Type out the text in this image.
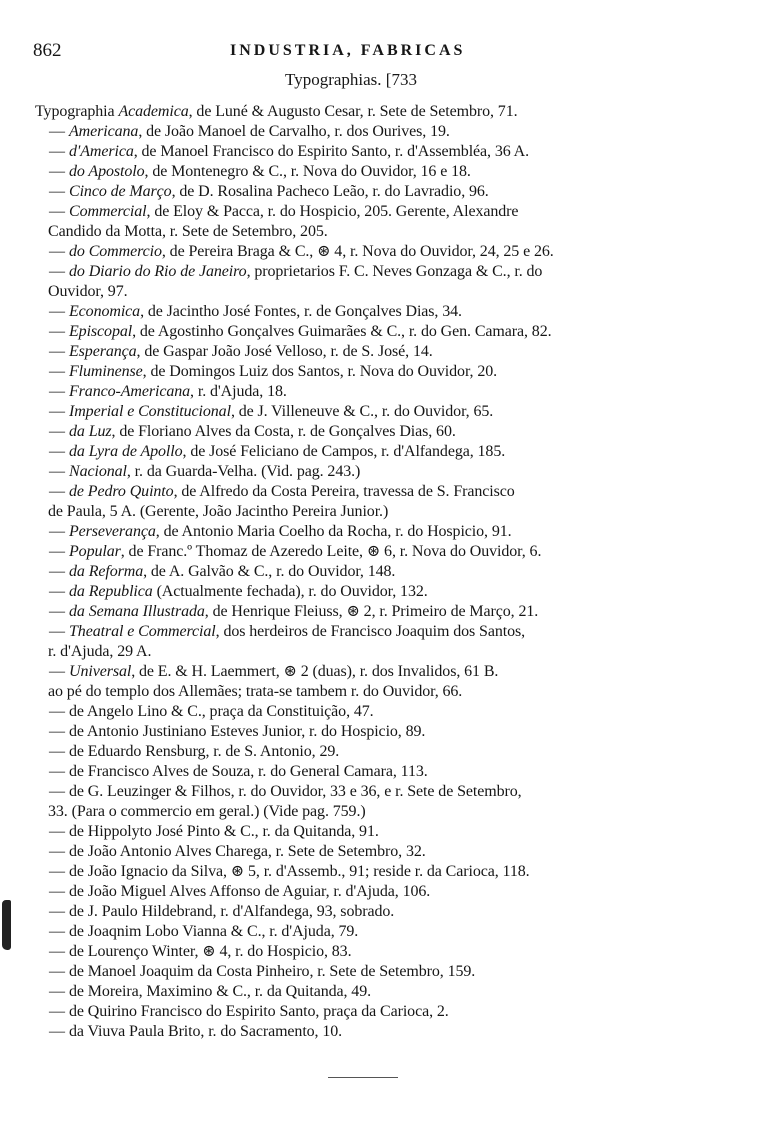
862	INDUSTRIA, FABRICAS
Typographias. [733
Typographia Academica, de Luné & Augusto Cesar, r. Sete de Setembro, 71.
— Americana, de João Manoel de Carvalho, r. dos Ourives, 19.
— d'America, de Manoel Francisco do Espirito Santo, r. d'Assembléa, 36 A.
— do Apostolo, de Montenegro & C., r. Nova do Ouvidor, 16 e 18.
— Cinco de Março, de D. Rosalina Pacheco Leão, r. do Lavradio, 96.
— Commercial, de Eloy & Pacca, r. do Hospicio, 205. Gerente, Alexandre
Candido da Motta, r. Sete de Setembro, 205.
— do Commercio, de Pereira Braga & C., ⊛ 4, r. Nova do Ouvidor, 24, 25 e 26.
— do Diario do Rio de Janeiro, proprietarios F. C. Neves Gonzaga & C., r. do
Ouvidor, 97.
— Economica, de Jacintho José Fontes, r. de Gonçalves Dias, 34.
— Episcopal, de Agostinho Gonçalves Guimarães & C., r. do Gen. Camara, 82.
— Esperança, de Gaspar João José Velloso, r. de S. José, 14.
— Fluminense, de Domingos Luiz dos Santos, r. Nova do Ouvidor, 20.
— Franco-Americana, r. d'Ajuda, 18.
— Imperial e Constitucional, de J. Villeneuve & C., r. do Ouvidor, 65.
— da Luz, de Floriano Alves da Costa, r. de Gonçalves Dias, 60.
— da Lyra de Apollo, de José Feliciano de Campos, r. d'Alfandega, 185.
— Nacional, r. da Guarda-Velha. (Vid. pag. 243.)
— de Pedro Quinto, de Alfredo da Costa Pereira, travessa de S. Francisco
de Paula, 5 A. (Gerente, João Jacintho Pereira Junior.)
— Perseverança, de Antonio Maria Coelho da Rocha, r. do Hospicio, 91.
— Popular, de Franc.º Thomaz de Azeredo Leite, ⊛ 6, r. Nova do Ouvidor, 6.
— da Reforma, de A. Galvão & C., r. do Ouvidor, 148.
— da Republica (Actualmente fechada), r. do Ouvidor, 132.
— da Semana Illustrada, de Henrique Fleiuss, ⊛ 2, r. Primeiro de Março, 21.
— Theatral e Commercial, dos herdeiros de Francisco Joaquim dos Santos,
r. d'Ajuda, 29 A.
— Universal, de E. & H. Laemmert, ⊛ 2 (duas), r. dos Invalidos, 61 B.
ao pé do templo dos Allemães; trata-se tambem r. do Ouvidor, 66.
— de Angelo Lino & C., praça da Constituição, 47.
— de Antonio Justiniano Esteves Junior, r. do Hospicio, 89.
— de Eduardo Rensburg, r. de S. Antonio, 29.
— de Francisco Alves de Souza, r. do General Camara, 113.
— de G. Leuzinger & Filhos, r. do Ouvidor, 33 e 36, e r. Sete de Setembro,
33. (Para o commercio em geral.) (Vide pag. 759.)
— de Hippolyto José Pinto & C., r. da Quitanda, 91.
— de João Antonio Alves Charega, r. Sete de Setembro, 32.
— de João Ignacio da Silva, ⊛ 5, r. d'Assemb., 91; reside r. da Carioca, 118.
— de João Miguel Alves Affonso de Aguiar, r. d'Ajuda, 106.
— de J. Paulo Hildebrand, r. d'Alfandega, 93, sobrado.
— de Joaqnim Lobo Vianna & C., r. d'Ajuda, 79.
— de Lourenço Winter, ⊛ 4, r. do Hospicio, 83.
— de Manoel Joaquim da Costa Pinheiro, r. Sete de Setembro, 159.
— de Moreira, Maximino & C., r. da Quitanda, 49.
— de Quirino Francisco do Espirito Santo, praça da Carioca, 2.
— da Viuva Paula Brito, r. do Sacramento, 10.
